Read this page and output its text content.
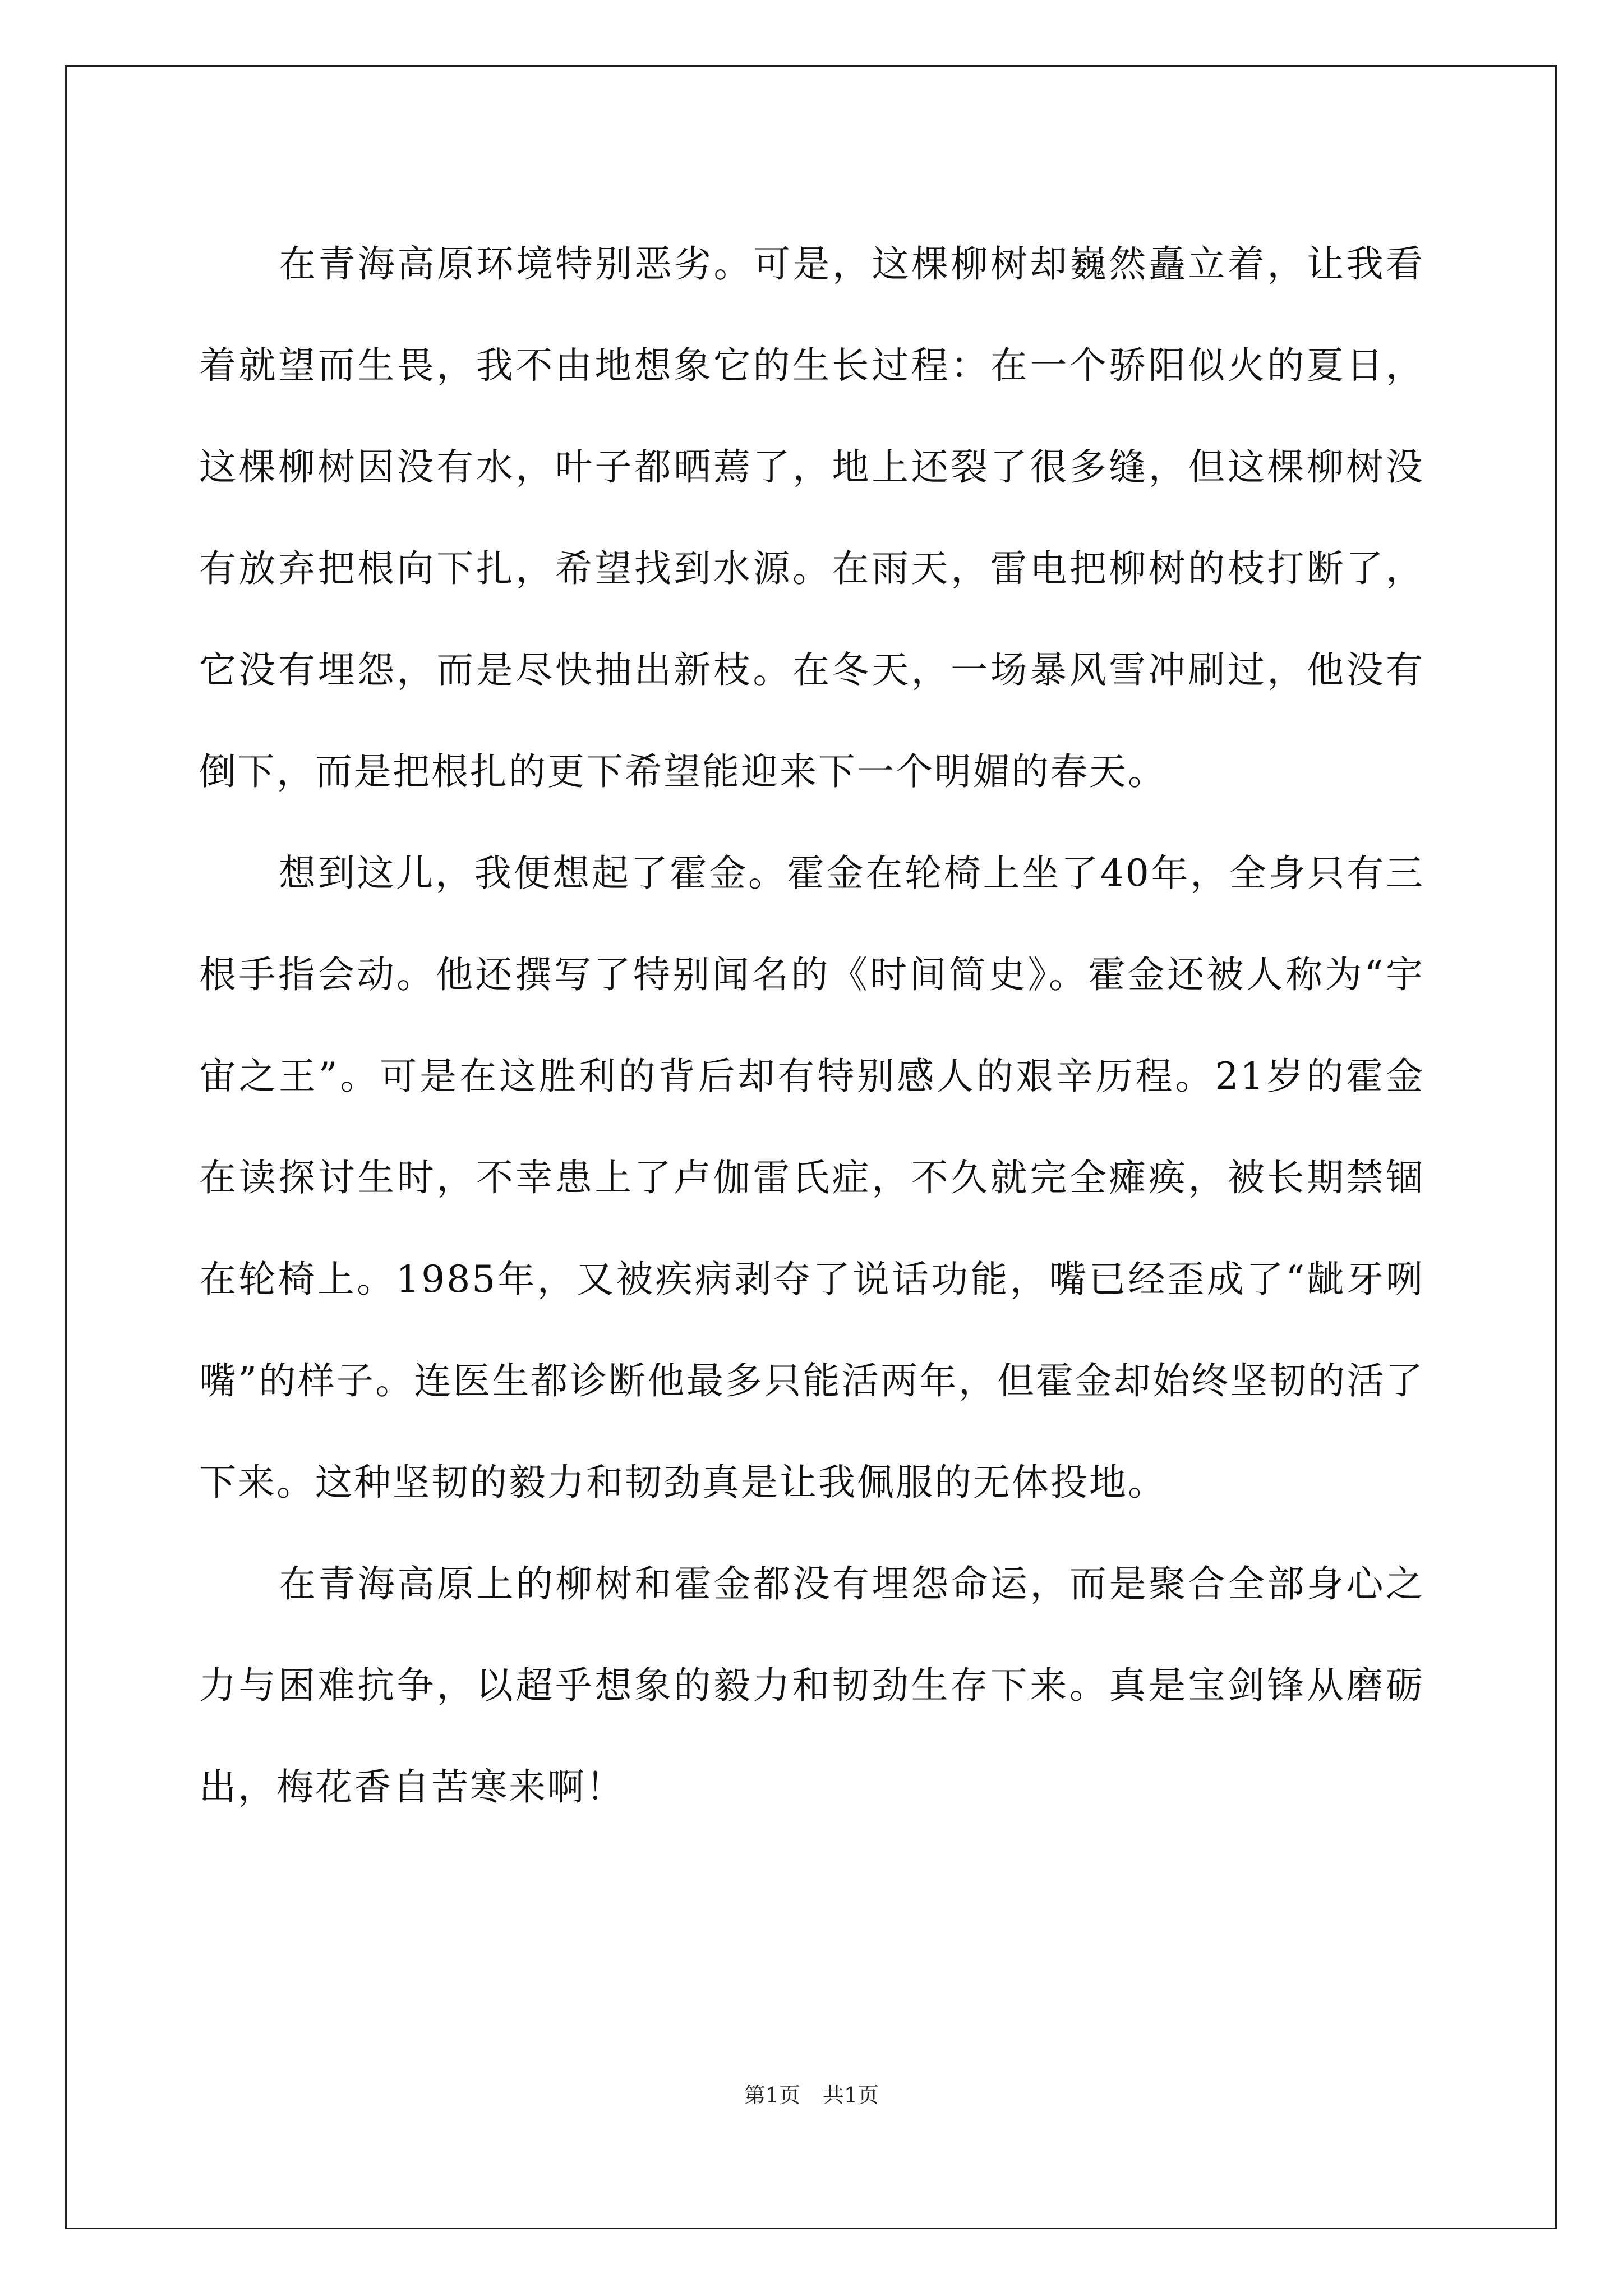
在青海高原环境特别恶劣。可是，这棵柳树却巍然矗立着，让我看着就望而生畏，我不由地想象它的生长过程：在一个骄阳似火的夏日，这棵柳树因没有水，叶子都晒蔫了，地上还裂了很多缝，但这棵柳树没有放弃把根向下扎，希望找到水源。在雨天，雷电把柳树的枝打断了，它没有埋怨，而是尽快抽出新枝。在冬天，一场暴风雪冲刷过，他没有倒下，而是把根扎的更下希望能迎来下一个明媚的春天。

想到这儿，我便想起了霍金。霍金在轮椅上坐了40年，全身只有三根手指会动。他还撰写了特别闻名的《时间简史》。霍金还被人称为“宇宙之王”。可是在这胜利的背后却有特别感人的艰辛历程。21岁的霍金在读探讨生时，不幸患上了卢伽雷氏症，不久就完全瘫痪，被长期禁锢在轮椅上。1985年，又被疾病剥夺了说话功能，嘴已经歪成了“龇牙咧嘴”的样子。连医生都诊断他最多只能活两年，但霍金却始终坚韧的活了下来。这种坚韧的毅力和韧劲真是让我佩服的无体投地。

在青海高原上的柳树和霍金都没有埋怨命运，而是聚合全部身心之力与困难抗争，以超乎想象的毅力和韧劲生存下来。真是宝剑锋从磨砺出，梅花香自苦寒来啊！

第1页 共1页
